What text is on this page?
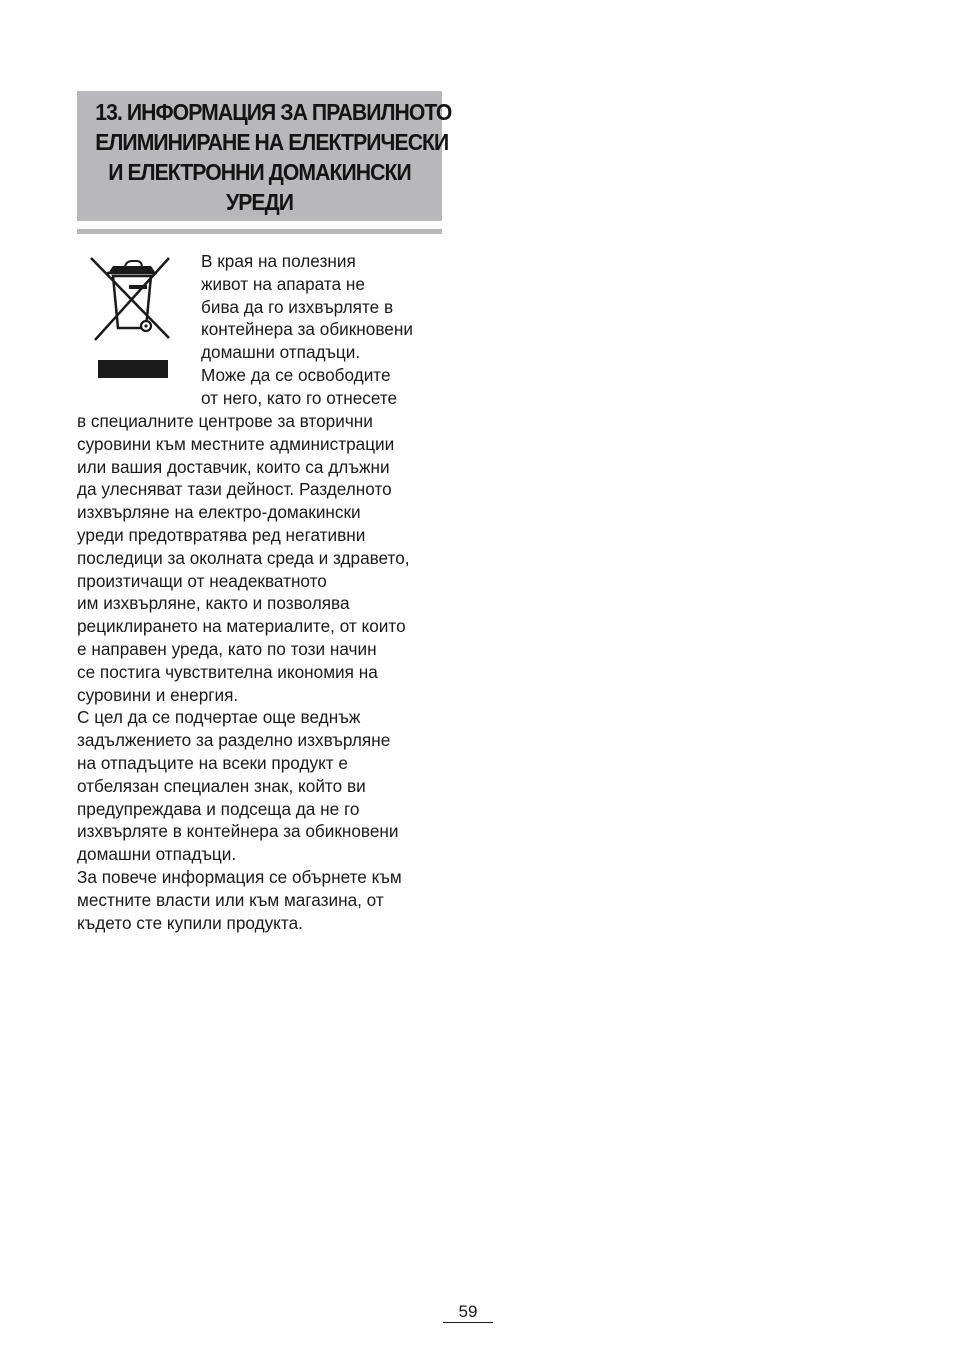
13. ИНФОРМАЦИЯ ЗА ПРАВИЛНОТО
ЕЛИМИНИРАНЕ НА ЕЛЕКТРИЧЕСКИ
И ЕЛЕКТРОННИ ДОМАКИНСКИ
УРЕДИ

В края на полезния
живот на апарата не
бива да го изхвърляте в
контейнера за обикновени
домашни отпадъци.
Може да се освободите
от него, като го отнесете

в специалните центрове за вторични
суровини към местните администрации
или вашия доставчик, които са длъжни
да улесняват тази дейност. Разделното
изхвърляне на електро-домакински
уреди предотвратява ред негативни
последици за околната среда и здравето,
произтичащи от неадекватното
им изхвърляне, както и позволява
рециклирането на материалите, от които
е направен уреда, като по този начин
се постига чувствителна икономия на
суровини и енергия.
С цел да се подчертае още веднъж
задължението за разделно изхвърляне
на отпадъците на всеки продукт е
отбелязан специален знак, който ви
предупреждава и подсеща да не го
изхвърляте в контейнера за обикновени
домашни отпадъци.
За повече информация се обърнете към
местните власти или към магазина, от
където сте купили продукта.

59
